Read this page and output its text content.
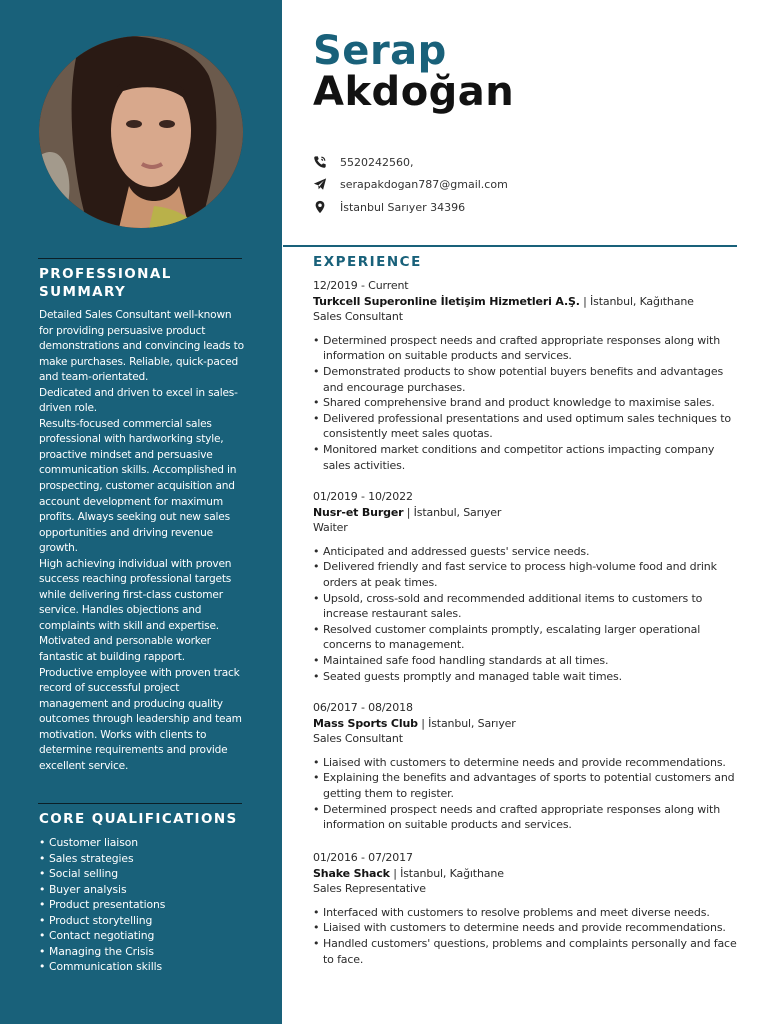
PROFESSIONAL
SUMMARY

Detailed Sales Consultant well-known for providing persuasive product demonstrations and convincing leads to make purchases. Reliable, quick-paced and team-orientated.

Dedicated and driven to excel in sales-driven role.

Results-focused commercial sales professional with hardworking style, proactive mindset and persuasive communication skills. Accomplished in prospecting, customer acquisition and account development for maximum profits. Always seeking out new sales opportunities and driving revenue growth.

High achieving individual with proven success reaching professional targets while delivering first-class customer service. Handles objections and complaints with skill and expertise.

Motivated and personable worker fantastic at building rapport.

Productive employee with proven track record of successful project management and producing quality outcomes through leadership and team motivation. Works with clients to determine requirements and provide excellent service.

CORE QUALIFICATIONS
• Customer liaison
• Sales strategies
• Social selling
• Buyer analysis
• Product presentations
• Product storytelling
• Contact negotiating
• Managing the Crisis
• Communication skills
Serap
Akdoğan
5520242560,
serapakdogan787@gmail.com
İstanbul Sarıyer 34396
EXPERIENCE
12/2019 - Current
Turkcell Superonline İletişim Hizmetleri A.Ş. | İstanbul, Kağıthane
Sales Consultant
• Determined prospect needs and crafted appropriate responses along with information on suitable products and services.
• Demonstrated products to show potential buyers benefits and advantages and encourage purchases.
• Shared comprehensive brand and product knowledge to maximise sales.
• Delivered professional presentations and used optimum sales techniques to consistently meet sales quotas.
• Monitored market conditions and competitor actions impacting company sales activities.
01/2019 - 10/2022
Nusr-et Burger | İstanbul, Sarıyer
Waiter
• Anticipated and addressed guests' service needs.
• Delivered friendly and fast service to process high-volume food and drink orders at peak times.
• Upsold, cross-sold and recommended additional items to customers to increase restaurant sales.
• Resolved customer complaints promptly, escalating larger operational concerns to management.
• Maintained safe food handling standards at all times.
• Seated guests promptly and managed table wait times.
06/2017 - 08/2018
Mass Sports Club | İstanbul, Sarıyer
Sales Consultant
• Liaised with customers to determine needs and provide recommendations.
• Explaining the benefits and advantages of sports to potential customers and getting them to register.
• Determined prospect needs and crafted appropriate responses along with information on suitable products and services.
01/2016 - 07/2017
Shake Shack | İstanbul, Kağıthane
Sales Representative
• Interfaced with customers to resolve problems and meet diverse needs.
• Liaised with customers to determine needs and provide recommendations.
• Handled customers' questions, problems and complaints personally and face to face.
